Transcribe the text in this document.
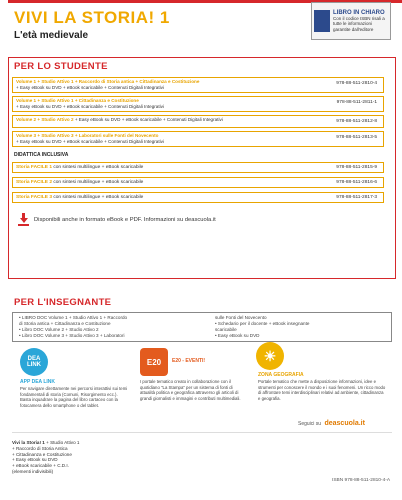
VIVI LA STORIA! 1
L'età medievale
LIBRO IN CHIARO
Con il codice ISBN risali a tutte le informazioni garantite dall'editore
PER LO STUDENTE
Volume 1 + Studio Attivo 1 + Raccordo di Storia antica + Cittadinanza e Costituzione
+ Easy eBook su DVD + eBook scaricabile + Contenuti Digitali Integrativi
978-88-511-2810-4
Volume 1 + Studio Attivo 1 + Cittadinanza e Costituzione
+ Easy eBook su DVD + eBook scaricabile + Contenuti Digitali Integrativi
978-88-511-2811-1
Volume 2 + Studio Attivo 2 + Easy eBook su DVD + eBook scaricabile + Contenuti Digitali Integrativi	978-88-511-2812-8
Volume 3 + Studio Attivo 3 + Laboratori sulle Fonti del Novecento
+ Easy eBook su DVD + eBook scaricabile + Contenuti Digitali Integrativi
978-88-511-2813-5
DIDATTICA INCLUSIVA
Storia FACILE 1 con sintesi multilingue + eBook scaricabile	978-88-511-2815-9
Storia FACILE 2 con sintesi multilingue + eBook scaricabile	978-88-511-2816-6
Storia FACILE 3 con sintesi multilingue + eBook scaricabile	978-88-511-2817-3
Disponibili anche in formato eBook e PDF. Informazioni su deascuola.it
PER L'INSEGNANTE
• LIBRO DOC Volume 1 + Studio Attivo 1 + Raccordo
di Storia antica + Cittadinanza e Costituzione
• Libro DOC Volume 2 + Studio Attivo 2
• Libro DOC Volume 3 + Studio Attivo 3 + Laboratori
sulle Fonti del Novecento
• Schedario per il docente + eBook insegnante
scaricabile
• Easy eBook su DVD
DEA LINK
APP DEA LINK
Per navigare direttamente nei percorsi interattivi sui temi fondamentali di storia (Comuni, Risorgimento ecc.). Basta inquadrare la pagina del libro cartaceo con la fotocamera dello smartphone o del tablet.
E20	E20 - EVENTI!
I portale tematico creato in collaborazione con il quotidiano "La Stampa" per un sistema di fonti di attualità politica e geografica attraverso gli articoli di grandi giornalisti e immagini e contributi multimediali.
☀
ZONA GEOGRAFIA
Portale tematico che mette a disposizione informazioni, idee e strumenti per conoscere il mondo e i suoi fenomeni. Un ricco modo di affrontare temi interdisciplinari relativi ad ambiente, cittadinanza e geografia.
Seguici su deascuola.it
Vivi la Storia! 1 + Studio Attivo 1
+ Raccordo di Storia Antica
+ Cittadinanza e Costituzione
+ Easy eBook su DVD
+ eBook scaricabile + C.D.I.
(elementi indivisibili)
ISBN 978-88-511-2810-4-A
